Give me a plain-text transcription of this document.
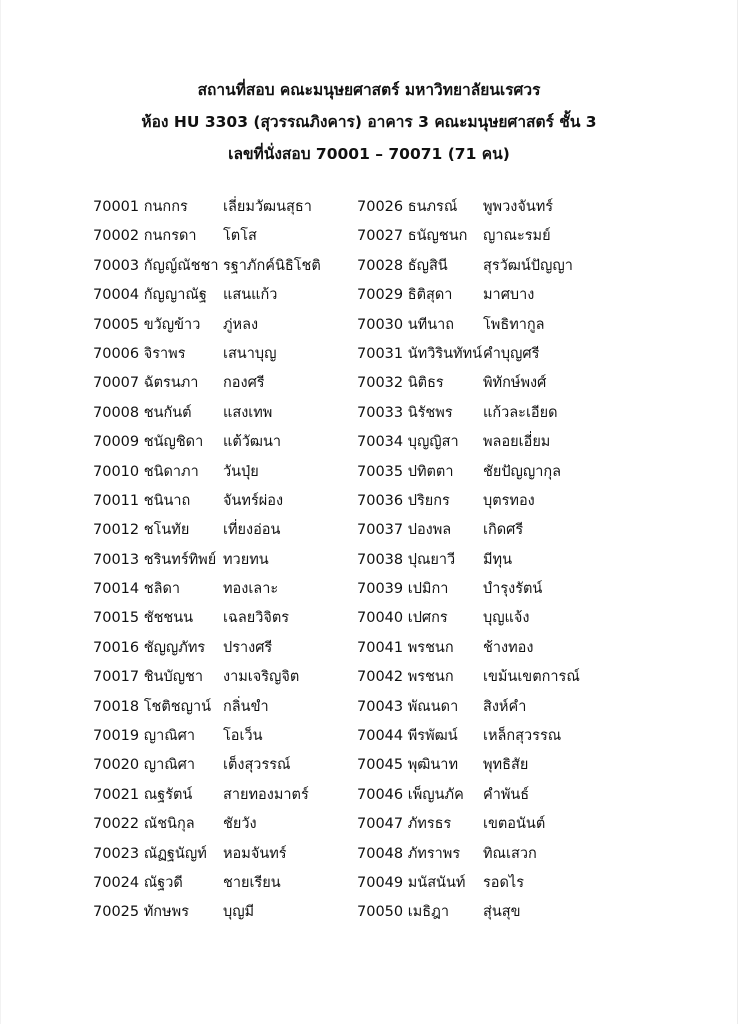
สถานที่สอบ คณะมนุษยศาสตร์ มหาวิทยาลัยนเรศวร
ห้อง HU 3303 (สุวรรณภิงคาร) อาคาร 3 คณะมนุษยศาสตร์ ชั้น 3
เลขที่นั่งสอบ 70001 – 70071 (71 คน)
70001 กนกกร เลี่ยมวัฒนสุธา
70002 กนกรดา โตโส
70003 กัญญ์ณัชชา รฐาภักค์นิธิโชติ
70004 กัญญาณัฐ แสนแก้ว
70005 ขวัญข้าว ภู่หลง
70006 จิราพร	เสนาบุญ
70007 ฉัตรนภา กองศรี
70008 ชนกันต์ แสงเทพ
70009 ชนัญชิดา แต้วัฒนา
70010 ชนิดาภา วันปุ่ย
70011 ชนินาถ จันทร์ผ่อง
70012 ชโนทัย เที่ยงอ่อน
70013 ชรินทร์ทิพย์ ทวยทน
70014 ชลิดา	ทองเลาะ
70015 ชัชชนน เฉลยวิจิตร
70016 ชัญญภัทร ปรางศรี
70017 ชินบัญชา งามเจริญจิต
70018 โชติชญาน์ กลิ่นขำ
70019 ญาณิศา โอเว็น
70020 ญาณิศา เต็งสุวรรณ์
70021 ณฐรัตน์ สายทองมาตร์
70022 ณัชนิกุล ชัยวัง
70023 ณัฏฐนัญท์ หอมจันทร์
70024 ณัฐวดี	ชายเรียน
70025 ทักษพร บุญมี
70026 ธนภรณ์ พูพวงจันทร์
70027 ธนัญชนก ญาณะรมย์
70028 ธัญสินี สุรวัฒน์ปัญญา
70029 ธิติสุดา มาศบาง
70030 นทีนาถ โพธิทากูล
70031 นัทวิรินทัทน์ คำบุญศรี
70032 นิติธร	พิทักษ์พงศ์
70033 นิรัชพร แก้วละเอียด
70034 บุญญิสา พลอยเอี่ยม
70035 ปทิตตา ชัยปัญญากุล
70036 ปริยกร บุตรทอง
70037 ปองพล เกิดศรี
70038 ปุณยาวี มีทุน
70039 เปมิกา บำรุงรัตน์
70040 เปศกร บุญแจ้ง
70041 พรชนก ช้างทอง
70042 พรชนก เขม้นเขตการณ์
70043 พัณนดา สิงห์คำ
70044 พีรพัฒน์ เหล็กสุวรรณ
70045 พุฒินาท พุทธิสัย
70046 เพ็ญนภัค คำพันธ์
70047 ภัทรธร เขตอนันต์
70048 ภัทราพร ทิณเสวก
70049 มนัสนันท์ รอดไร
70050 เมธิฎา สุ่นสุข
